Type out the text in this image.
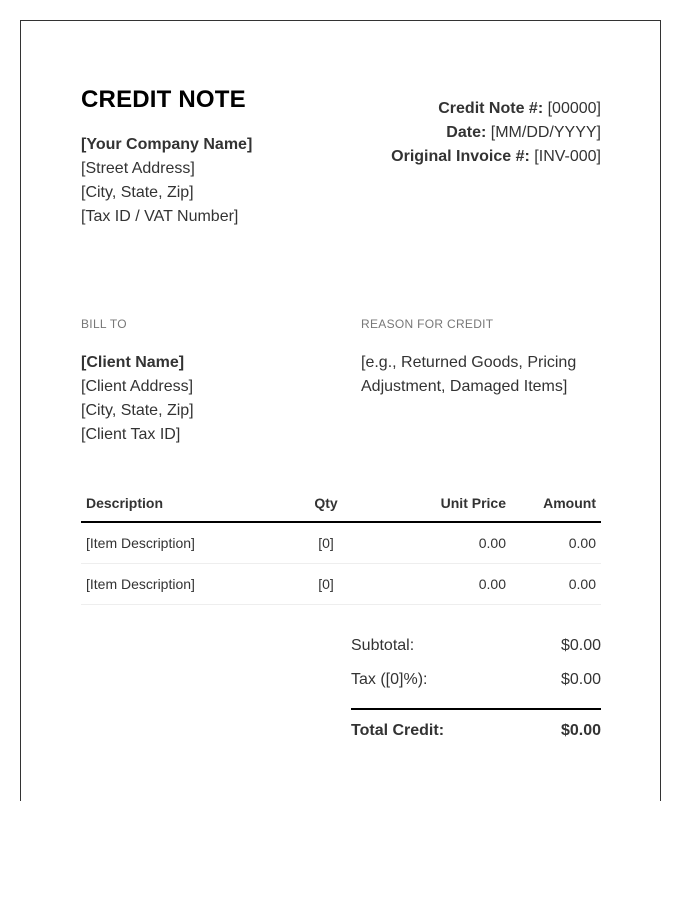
CREDIT NOTE
[Your Company Name]
[Street Address]
[City, State, Zip]
[Tax ID / VAT Number]
Credit Note #: [00000]
Date: [MM/DD/YYYY]
Original Invoice #: [INV-000]
BILL TO
[Client Name]
[Client Address]
[City, State, Zip]
[Client Tax ID]
REASON FOR CREDIT
[e.g., Returned Goods, Pricing Adjustment, Damaged Items]
Description	Qty	Unit Price	Amount
[Item Description]	[0]	0.00	0.00
[Item Description]	[0]	0.00	0.00
Subtotal:	$0.00
Tax ([0]%):	$0.00
Total Credit:	$0.00
